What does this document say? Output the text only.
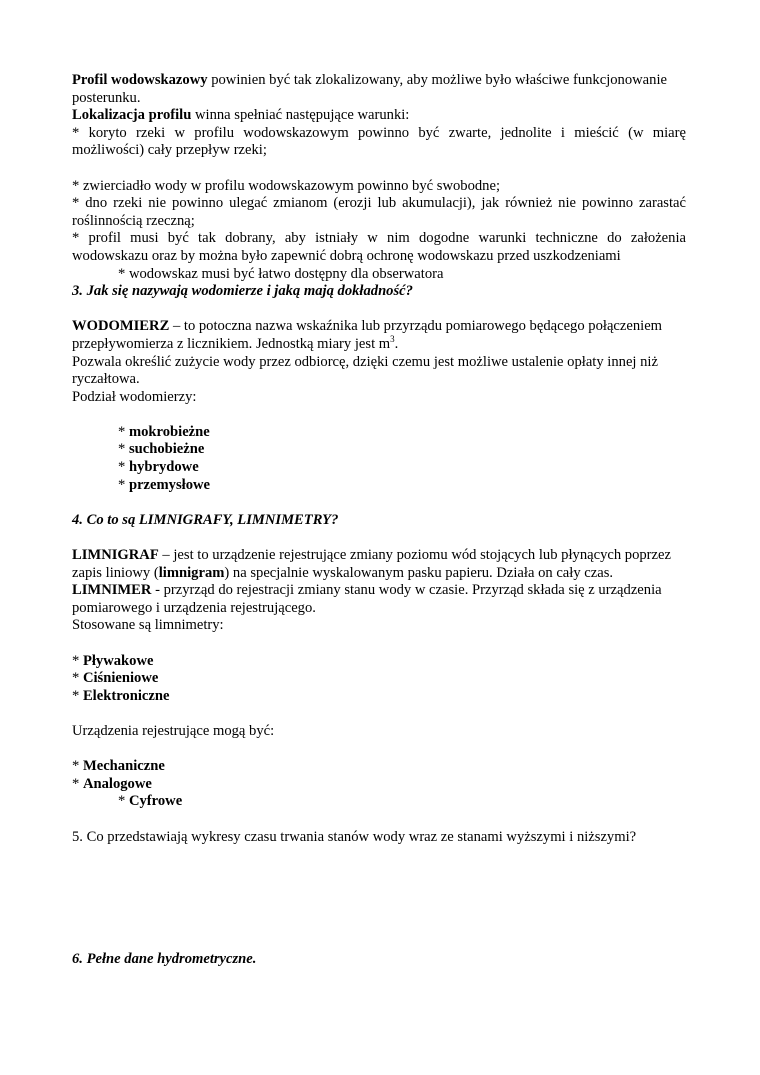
Profil wodowskazowy powinien być tak zlokalizowany, aby możliwe było właściwe funkcjonowanie posterunku.

Lokalizacja profilu winna spełniać następujące warunki:

* koryto rzeki w profilu wodowskazowym powinno być zwarte, jednolite i mieścić (w miarę możliwości) cały przepływ rzeki;

* zwierciadło wody w profilu wodowskazowym powinno być swobodne;

* dno rzeki nie powinno ulegać zmianom (erozji lub akumulacji), jak również nie powinno zarastać roślinnością rzeczną;

* profil musi być tak dobrany, aby istniały w nim dogodne warunki techniczne do założenia wodowskazu oraz by można było zapewnić dobrą ochronę wodowskazu przed uszkodzeniami

* wodowskaz musi być łatwo dostępny dla obserwatora

3. Jak się nazywają wodomierze i jaką mają dokładność?

WODOMIERZ – to potoczna nazwa wskaźnika lub przyrządu pomiarowego będącego połączeniem przepływomierza z licznikiem. Jednostką miary jest $m^3$.

Pozwala określić zużycie wody przez odbiorcę, dzięki czemu jest możliwe ustalenie opłaty innej niż ryczałtowa.

Podział wodomierzy:

* mokrobieżne

* suchobieżne

* hybrydowe

* przemysłowe

4. Co to są LIMNIGRAFY, LIMNIMETRY?

LIMNIGRAF – jest to urządzenie rejestrujące zmiany poziomu wód stojących lub płynących poprzez zapis liniowy (limnigram) na specjalnie wyskalowanym pasku papieru. Działa on cały czas.

LIMNIMER - przyrząd do rejestracji zmiany stanu wody w czasie. Przyrząd składa się z urządzenia pomiarowego i urządzenia rejestrującego.

Stosowane są limnimetry:

* Pływakowe

* Ciśnieniowe

* Elektroniczne

Urządzenia rejestrujące mogą być:

* Mechaniczne

* Analogowe

* Cyfrowe

5. Co przedstawiają wykresy czasu trwania stanów wody wraz ze stanami wyższymi i niższymi?

6. Pełne dane hydrometryczne.
